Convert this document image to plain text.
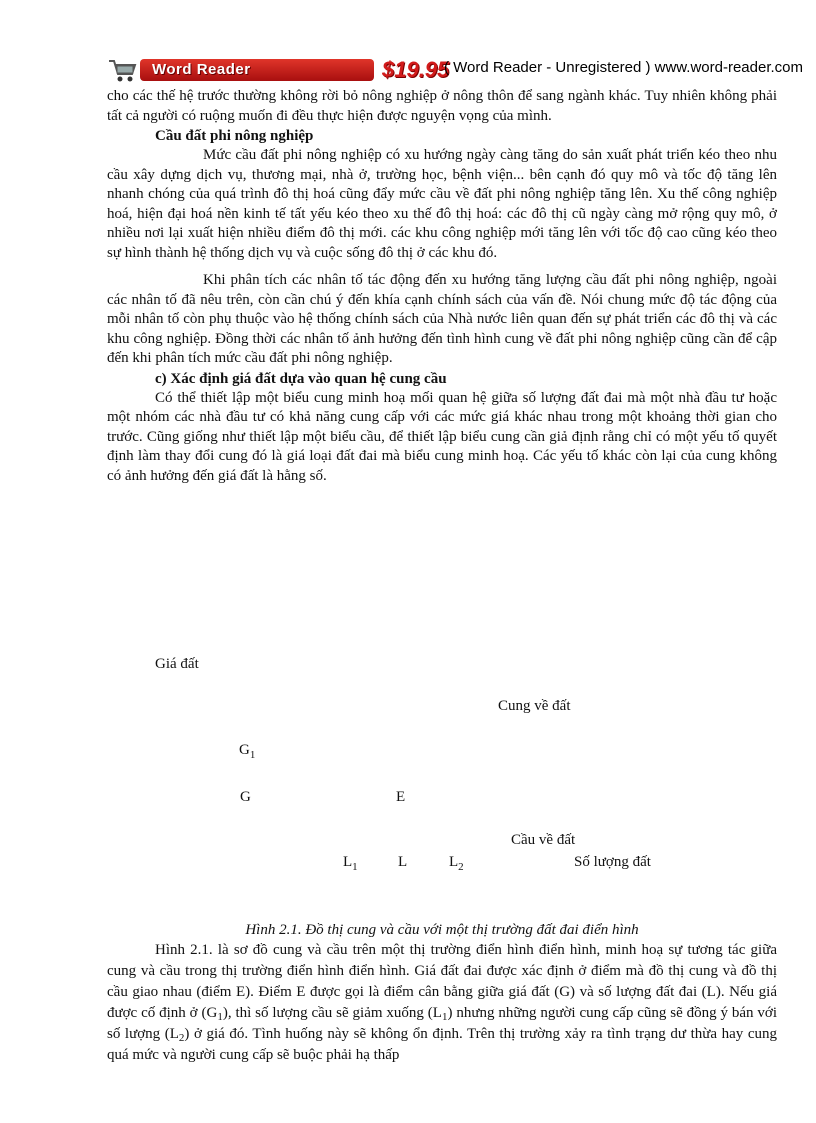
Word Reader	$19.95
( Word Reader - Unregistered ) www.word-reader.com

cho các thế hệ trước thường không rời bỏ nông nghiệp ở nông thôn để sang ngành khác. Tuy nhiên không phải tất cả người có ruộng muốn đi đều thực hiện được nguyện vọng của mình.

Cầu đất phi nông nghiệp

Mức cầu đất phi nông nghiệp có xu hướng ngày càng tăng do sản xuất phát triển kéo theo nhu cầu xây dựng dịch vụ, thương mại, nhà ở, trường học, bệnh viện... bên cạnh đó quy mô và tốc độ tăng lên nhanh chóng của quá trình đô thị hoá cũng đẩy mức cầu về đất phi nông nghiệp tăng lên. Xu thế công nghiệp hoá, hiện đại hoá nền kinh tế tất yếu kéo theo xu thế đô thị hoá: các đô thị cũ ngày càng mở rộng quy mô, ở nhiều nơi lại xuất hiện nhiều điểm đô thị mới. các khu công nghiệp mới tăng lên với tốc độ cao cũng kéo theo sự hình thành hệ thống dịch vụ và cuộc sống đô thị ở các khu đó.

Khi phân tích các nhân tố tác động đến xu hướng tăng lượng cầu đất phi nông nghiệp, ngoài các nhân tố đã nêu trên, còn cần chú ý đến khía cạnh chính sách của vấn đề. Nói chung mức độ tác động của mỗi nhân tố còn phụ thuộc vào hệ thống chính sách của Nhà nước liên quan đến sự phát triển các đô thị và các khu công nghiệp. Đồng thời các nhân tố ảnh hưởng đến tình hình cung về đất phi nông nghiệp cũng cần để cập đến khi phân tích mức cầu đất phi nông nghiệp.

c) Xác định giá đất dựa vào quan hệ cung cầu

Có thể thiết lập một biểu cung minh hoạ mối quan hệ giữa số lượng đất đai mà một nhà đầu tư hoặc một nhóm các nhà đầu tư có khả năng cung cấp với các mức giá khác nhau trong một khoảng thời gian cho trước. Cũng giống như thiết lập một biểu cầu, để thiết lập biểu cung cần giả định rằng chỉ có một yếu tố quyết định làm thay đổi cung đó là giá loại đất đai mà biểu cung minh hoạ. Các yếu tố khác còn lại của cung không có ảnh hưởng đến giá đất là hằng số.

Giá đất
Cung về đất
$G_1$
G	E
Cầu về đất
$L_1$	L	$L_2$	Số lượng đất
Hình 2.1. Đồ thị cung và cầu với một thị trường đất đai điển hình

Hình 2.1. là sơ đồ cung và cầu trên một thị trường điển hình điển hình, minh hoạ sự tương tác giữa cung và cầu trong thị trường điển hình điển hình. Giá đất đai được xác định ở điểm mà đồ thị cung và đồ thị cầu giao nhau (điểm E). Điểm E được gọi là điểm cân bằng giữa giá đất (G) và số lượng đất đai (L). Nếu giá được cố định ở $(G_1)$, thì số lượng cầu sẽ giảm xuống $(L_1)$ nhưng những người cung cấp cũng sẽ đồng ý bán với số lượng $(L_2)$ ở giá đó. Tình huống này sẽ không ổn định. Trên thị trường xảy ra tình trạng dư thừa hay cung quá mức và người cung cấp sẽ buộc phải hạ thấp
